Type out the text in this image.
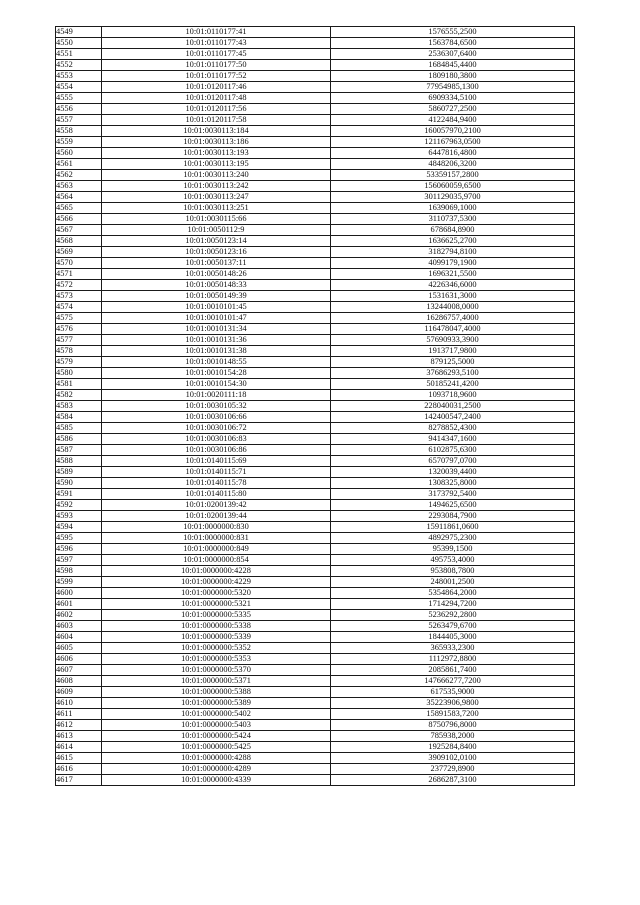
4549	10:01:0110177:41	1576555,2500
4550	10:01:0110177:43	1563784,6500
4551	10:01:0110177:45	2536307,6400
4552	10:01:0110177:50	1684845,4400
4553	10:01:0110177:52	1809180,3800
4554	10:01:0120117:46	77954985,1300
4555	10:01:0120117:48	6909334,5100
4556	10:01:0120117:56	5860727,2500
4557	10:01:0120117:58	4122484,9400
4558	10:01:0030113:184	160057970,2100
4559	10:01:0030113:186	121167963,0500
4560	10:01:0030113:193	6447816,4800
4561	10:01:0030113:195	4848206,3200
4562	10:01:0030113:240	53359157,2800
4563	10:01:0030113:242	156060059,6500
4564	10:01:0030113:247	301129035,9700
4565	10:01:0030113:251	1639069,1000
4566	10:01:0030115:66	3110737,5300
4567	10:01:0050112:9	678684,8900
4568	10:01:0050123:14	1636625,2700
4569	10:01:0050123:16	3182794,8100
4570	10:01:0050137:11	4099179,1900
4571	10:01:0050148:26	1696321,5500
4572	10:01:0050148:33	4226346,6000
4573	10:01:0050149:39	1531631,3000
4574	10:01:0010101:45	13244008,0000
4575	10:01:0010101:47	16286757,4000
4576	10:01:0010131:34	116478047,4000
4577	10:01:0010131:36	57690933,3900
4578	10:01:0010131:38	1913717,9800
4579	10:01:0010148:55	879125,5000
4580	10:01:0010154:28	37686293,5100
4581	10:01:0010154:30	50185241,4200
4582	10:01:0020111:18	1093718,9600
4583	10:01:0030105:32	228040031,2500
4584	10:01:0030106:66	142400547,2400
4585	10:01:0030106:72	8278852,4300
4586	10:01:0030106:83	9414347,1600
4587	10:01:0030106:86	6102875,6300
4588	10:01:0140115:69	6570797,0700
4589	10:01:0140115:71	1320039,4400
4590	10:01:0140115:78	1308325,8000
4591	10:01:0140115:80	3173792,5400
4592	10:01:0200139:42	1494625,6500
4593	10:01:0200139:44	2293084,7900
4594	10:01:0000000:830	15911861,0600
4595	10:01:0000000:831	4892975,2300
4596	10:01:0000000:849	95399,1500
4597	10:01:0000000:854	495753,4000
4598	10:01:0000000:4228	953808,7800
4599	10:01:0000000:4229	248001,2500
4600	10:01:0000000:5320	5354864,2000
4601	10:01:0000000:5321	1714294,7200
4602	10:01:0000000:5335	5236292,2800
4603	10:01:0000000:5338	5263479,6700
4604	10:01:0000000:5339	1844405,3000
4605	10:01:0000000:5352	365933,2300
4606	10:01:0000000:5353	1112972,8800
4607	10:01:0000000:5370	2085861,7400
4608	10:01:0000000:5371	147666277,7200
4609	10:01:0000000:5388	617535,9000
4610	10:01:0000000:5389	35223906,9800
4611	10:01:0000000:5402	15891583,7200
4612	10:01:0000000:5403	8750796,8000
4613	10:01:0000000:5424	785938,2000
4614	10:01:0000000:5425	1925284,8400
4615	10:01:0000000:4288	3909102,0100
4616	10:01:0000000:4289	237729,8900
4617	10:01:0000000:4339	2686287,3100
